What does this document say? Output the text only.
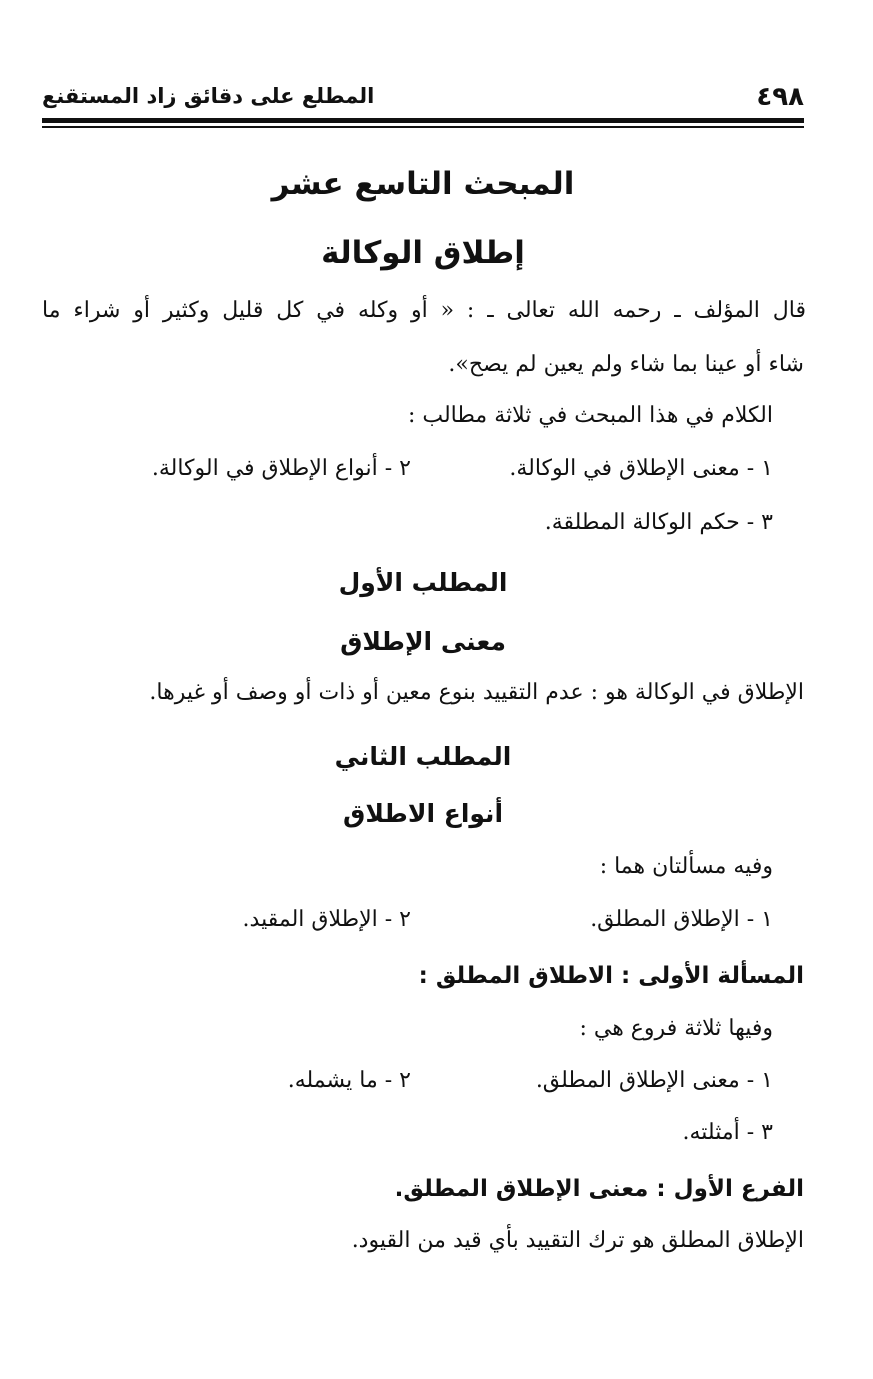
٤٩٨
المطلع على دقائق زاد المستقنع
المبحث التاسع عشر
إطلاق الوكالة
قال المؤلف ـ رحمه الله تعالى ـ : « أو وكله في كل قليل وكثير أو شراء ما
شاء أو عينا بما شاء ولم يعين لم يصح».
الكلام في هذا المبحث في ثلاثة مطالب :
١ - معنى الإطلاق في الوكالة.
٢ - أنواع الإطلاق في الوكالة.
٣ - حكم الوكالة المطلقة.
المطلب الأول
معنى الإطلاق
الإطلاق في الوكالة هو : عدم التقييد بنوع معين أو ذات أو وصف أو غيرها.
المطلب الثاني
أنواع الاطلاق
وفيه مسألتان هما :
١ - الإطلاق المطلق.
٢ - الإطلاق المقيد.
المسألة الأولى : الاطلاق المطلق :
وفيها ثلاثة فروع هي :
١ - معنى الإطلاق المطلق.
٢ - ما يشمله.
٣ - أمثلته.
الفرع الأول : معنى الإطلاق المطلق.
الإطلاق المطلق هو ترك التقييد بأي قيد من القيود.
